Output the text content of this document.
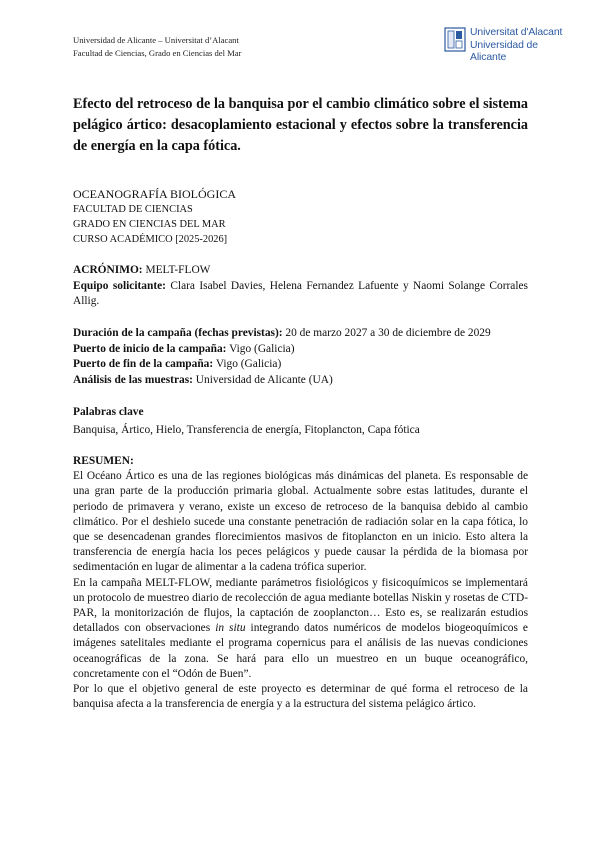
Universidad de Alicante – Universitat d’Alacant
Facultad de Ciencias, Grado en Ciencias del Mar
Universitat d'Alacant
Universidad de Alicante
Efecto del retroceso de la banquisa por el cambio climático sobre el sistema pelágico ártico: desacoplamiento estacional y efectos sobre la transferencia de energía en la capa fótica.
OCEANOGRAFÍA BIOLÓGICA
FACULTAD DE CIENCIAS
GRADO EN CIENCIAS DEL MAR
CURSO ACADÉMICO [2025-2026]
ACRÓNIMO: MELT-FLOW
Equipo solicitante: Clara Isabel Davies, Helena Fernandez Lafuente y Naomi Solange Corrales Allig.
Duración de la campaña (fechas previstas): 20 de marzo 2027 a 30 de diciembre de 2029
Puerto de inicio de la campaña: Vigo (Galicia)
Puerto de fin de la campaña: Vigo (Galicia)
Análisis de las muestras: Universidad de Alicante (UA)
Palabras clave
Banquisa, Ártico, Hielo, Transferencia de energía, Fitoplancton, Capa fótica
RESUMEN:

El Océano Ártico es una de las regiones biológicas más dinámicas del planeta. Es responsable de una gran parte de la producción primaria global. Actualmente sobre estas latitudes, durante el periodo de primavera y verano, existe un exceso de retroceso de la banquisa debido al cambio climático. Por el deshielo sucede una constante penetración de radiación solar en la capa fótica, lo que se desencadenan grandes florecimientos masivos de fitoplancton en un inicio. Esto altera la transferencia de energía hacia los peces pelágicos y puede causar la pérdida de la biomasa por sedimentación en lugar de alimentar a la cadena trófica superior.

En la campaña MELT-FLOW, mediante parámetros fisiológicos y fisicoquímicos se implementará un protocolo de muestreo diario de recolección de agua mediante botellas Niskin y rosetas de CTD-PAR, la monitorización de flujos, la captación de zooplancton… Esto es, se realizarán estudios detallados con observaciones in situ integrando datos numéricos de modelos biogeoquímicos e imágenes satelitales mediante el programa copernicus para el análisis de las nuevas condiciones oceanográficas de la zona. Se hará para ello un muestreo en un buque oceanográfico, concretamente con el “Odón de Buen”.

Por lo que el objetivo general de este proyecto es determinar de qué forma el retroceso de la banquisa afecta a la transferencia de energía y a la estructura del sistema pelágico ártico.
